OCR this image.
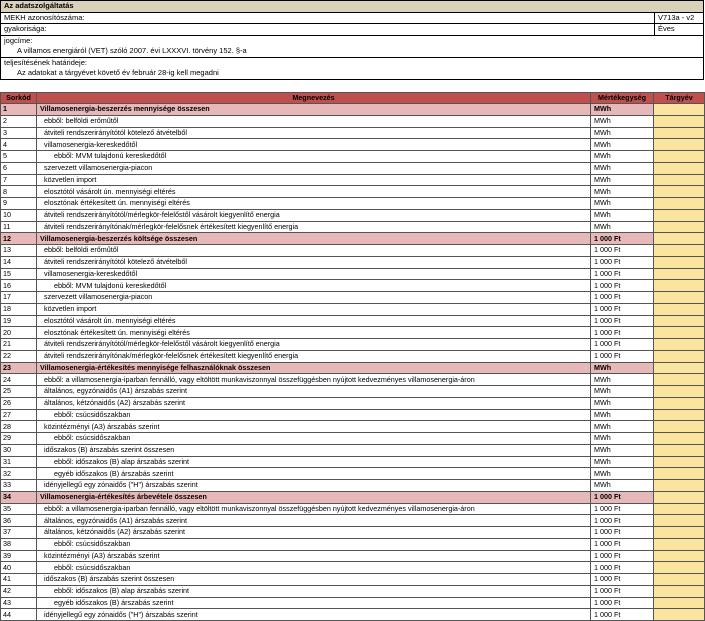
Az adatszolgáltatás	
MEKH azonosítószáma:	V713a - v2
gyakorisága:	Éves
jogcíme:	
A villamos energiáról (VET) szóló 2007. évi LXXXVI. törvény 152. §-a	
teljesítésének határideje:	
Az adatokat a tárgyévet követő év február 28-ig kell megadni	
Sorkód	Megnevezés	Mértékegység	Tárgyév
1	Villamosenergia-beszerzés mennyisége összesen	MWh	
2	ebből: belföldi erőműtől	MWh	
3	átviteli rendszerirányítótól kötelező átvételből	MWh	
4	villamosenergia-kereskedőtől	MWh	
5	ebből: MVM tulajdonú kereskedőtől	MWh	
6	szervezett villamosenergia-piacon	MWh	
7	közvetlen import	MWh	
8	elosztótól vásárolt ún. mennyiségi eltérés	MWh	
9	elosztónak értékesített ún. mennyiségi eltérés	MWh	
10	átviteli rendszerirányítótól/mérlegkör-felelőstől vásárolt kiegyenlítő energia	MWh	
11	átviteli rendszerirányítónak/mérlegkör-felelősnek értékesített kiegyenlítő energia	MWh	
12	Villamosenergia-beszerzés költsége összesen	1 000 Ft	
13	ebből: belföldi erőműtől	1 000 Ft	
14	átviteli rendszerirányítótól kötelező átvételből	1 000 Ft	
15	villamosenergia-kereskedőtől	1 000 Ft	
16	ebből: MVM tulajdonú kereskedőtől	1 000 Ft	
17	szervezett villamosenergia-piacon	1 000 Ft	
18	közvetlen import	1 000 Ft	
19	elosztótól vásárolt ún. mennyiségi eltérés	1 000 Ft	
20	elosztónak értékesített ún. mennyiségi eltérés	1 000 Ft	
21	átviteli rendszerirányítótól/mérlegkör-felelőstől vásárolt kiegyenlítő energia	1 000 Ft	
22	átviteli rendszerirányítónak/mérlegkör-felelősnek értékesített kiegyenlítő energia	1 000 Ft	
23	Villamosenergia-értékesítés mennyisége felhasználóknak összesen	MWh	
24	ebből: a villamosenergia-iparban fennálló, vagy eltöltött munkaviszonnyal összefüggésben nyújtott kedvezményes villamosenergia-áron	MWh	
25	általános, egyzónaidős (A1) árszabás szerint	MWh	
26	általános, kétzónaidős (A2) árszabás szerint	MWh	
27	ebből: csúcsidőszakban	MWh	
28	közintézményi (A3) árszabás szerint	MWh	
29	ebből: csúcsidőszakban	MWh	
30	időszakos (B) árszabás szerint összesen	MWh	
31	ebből: időszakos (B) alap árszabás szerint	MWh	
32	egyéb időszakos (B) árszabás szerint	MWh	
33	idényjellegű egy zónaidős ("H") árszabás szerint	MWh	
34	Villamosenergia-értékesítés árbevétele összesen	1 000 Ft	
35	ebből: a villamosenergia-iparban fennálló, vagy eltöltött munkaviszonnyal összefüggésben nyújtott kedvezményes villamosenergia-áron	1 000 Ft	
36	általános, egyzónaidős (A1) árszabás szerint	1 000 Ft	
37	általános, kétzónaidős (A2) árszabás szerint	1 000 Ft	
38	ebből: csúcsidőszakban	1 000 Ft	
39	közintézményi (A3) árszabás szerint	1 000 Ft	
40	ebből: csúcsidőszakban	1 000 Ft	
41	időszakos (B) árszabás szerint összesen	1 000 Ft	
42	ebből: időszakos (B) alap árszabás szerint	1 000 Ft	
43	egyéb időszakos (B) árszabás szerint	1 000 Ft	
44	idényjellegű egy zónaidős ("H") árszabás szerint	1 000 Ft	
